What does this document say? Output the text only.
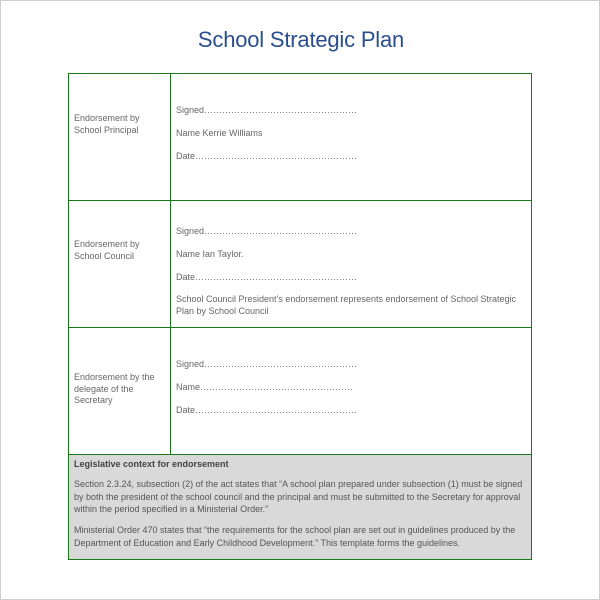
School Strategic Plan
Endorsement by School Principal

Signed……………………………………………

Name Kerrie Williams

Date………………………………………………

Endorsement by School Council

Signed……………………………………………

Name Ian Taylor.

Date………………………………………………

School Council President’s endorsement represents endorsement of School Strategic Plan by School Council

Endorsement by the delegate of the Secretary

Signed……………………………………………

Name……………………………………………

Date………………………………………………

Legislative context for endorsement
Section 2.3.24, subsection (2) of the act states that “A school plan prepared under subsection (1) must be signed by both the president of the school council and the principal and must be submitted to the Secretary for approval within the period specified in a Ministerial Order.”
Ministerial Order 470 states that “the requirements for the school plan are set out in guidelines produced by the Department of Education and Early Childhood Development.” This template forms the guidelines.
